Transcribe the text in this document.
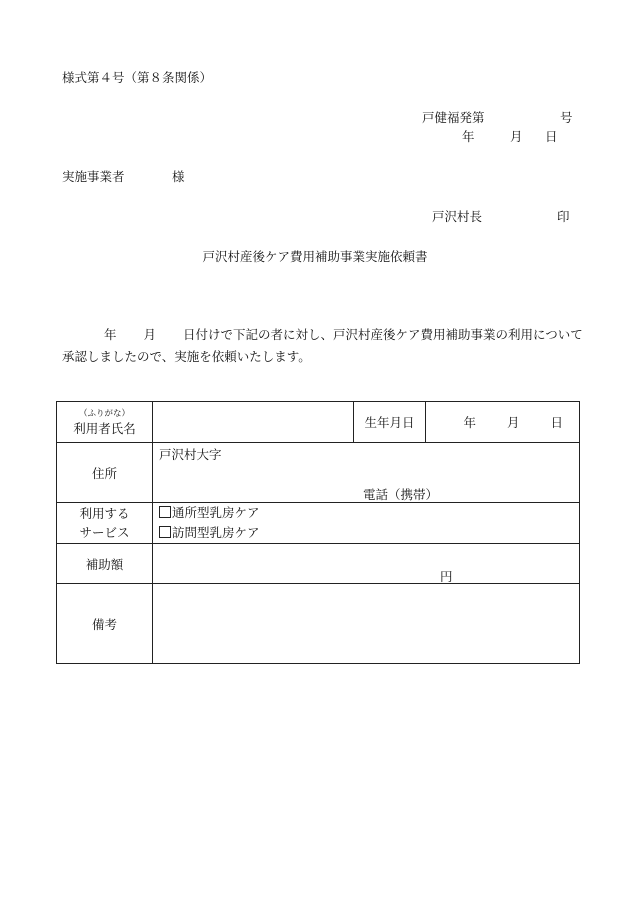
様式第４号（第８条関係）
戸健福発第	号
年	月 日
実施事業者	様
戸沢村長	印
戸沢村産後ケア費用補助事業実施依頼書
年 月 日付けで下記の者に対し、戸沢村産後ケア費用補助事業の利用について承認しましたので、実施を依頼いたします。
（ふりがな）
利用者氏名		生年月日	年 月 日

住所	戸沢村大字
電話（携帯）		

利用する
サービス	通所型乳房ケア
訪問型乳房ケア		

補助額	円		

備考			
